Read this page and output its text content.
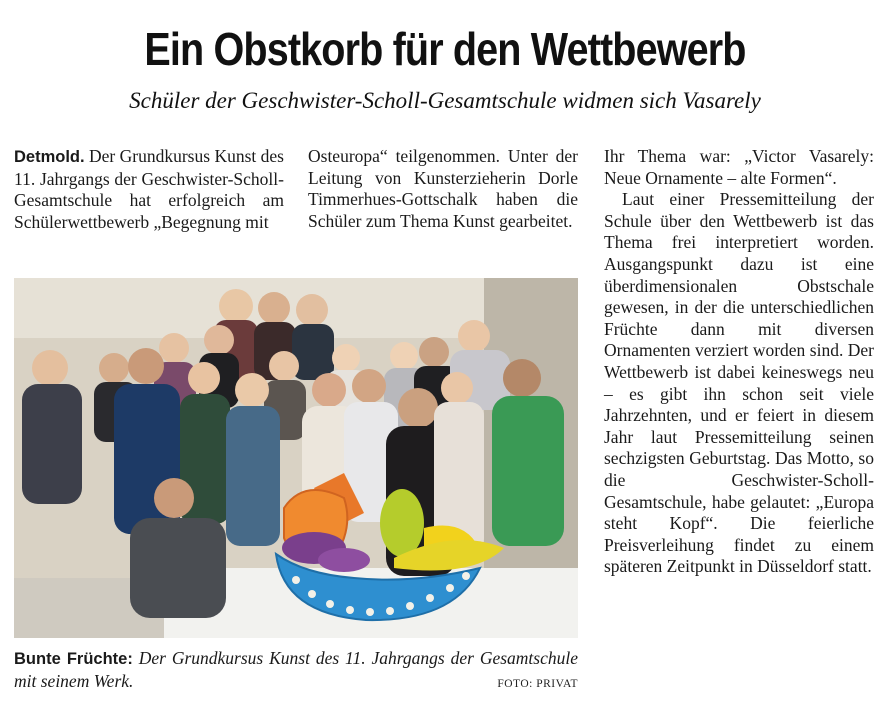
Ein Obstkorb für den Wettbewerb
Schüler der Geschwister-Scholl-Gesamtschule widmen sich Vasarely

Detmold. Der Grundkursus Kunst des 11. Jahrgangs der Geschwister-Scholl-Gesamtschule hat erfolgreich am Schülerwettbewerb „Begegnung mit

Osteuropa“ teilgenommen. Unter der Leitung von Kunsterzieherin Dorle Timmerhues-Gottschalk haben die Schüler zum Thema Kunst gearbeitet.

Ihr Thema war: „Victor Vasarely: Neue Ornamente – alte Formen“.

Laut einer Pressemitteilung der Schule über den Wettbewerb ist das Thema frei interpretiert worden. Ausgangspunkt dazu ist eine überdimensionalen Obstschale gewesen, in der die unterschiedlichen Früchte dann mit diversen Ornamenten verziert worden sind. Der Wettbewerb ist dabei keineswegs neu – es gibt ihn schon seit viele Jahrzehnten, und er feiert in diesem Jahr laut Pressemitteilung seinen sechzigsten Geburtstag. Das Motto, so die Geschwister-Scholl-Gesamtschule, habe gelautet: „Europa steht Kopf“. Die feierliche Preisverleihung findet zu einem späteren Zeitpunkt in Düsseldorf statt.

Bunte Früchte: Der Grundkursus Kunst des 11. Jahrgangs der Gesamtschule mit seinem Werk.	FOTO: PRIVAT
